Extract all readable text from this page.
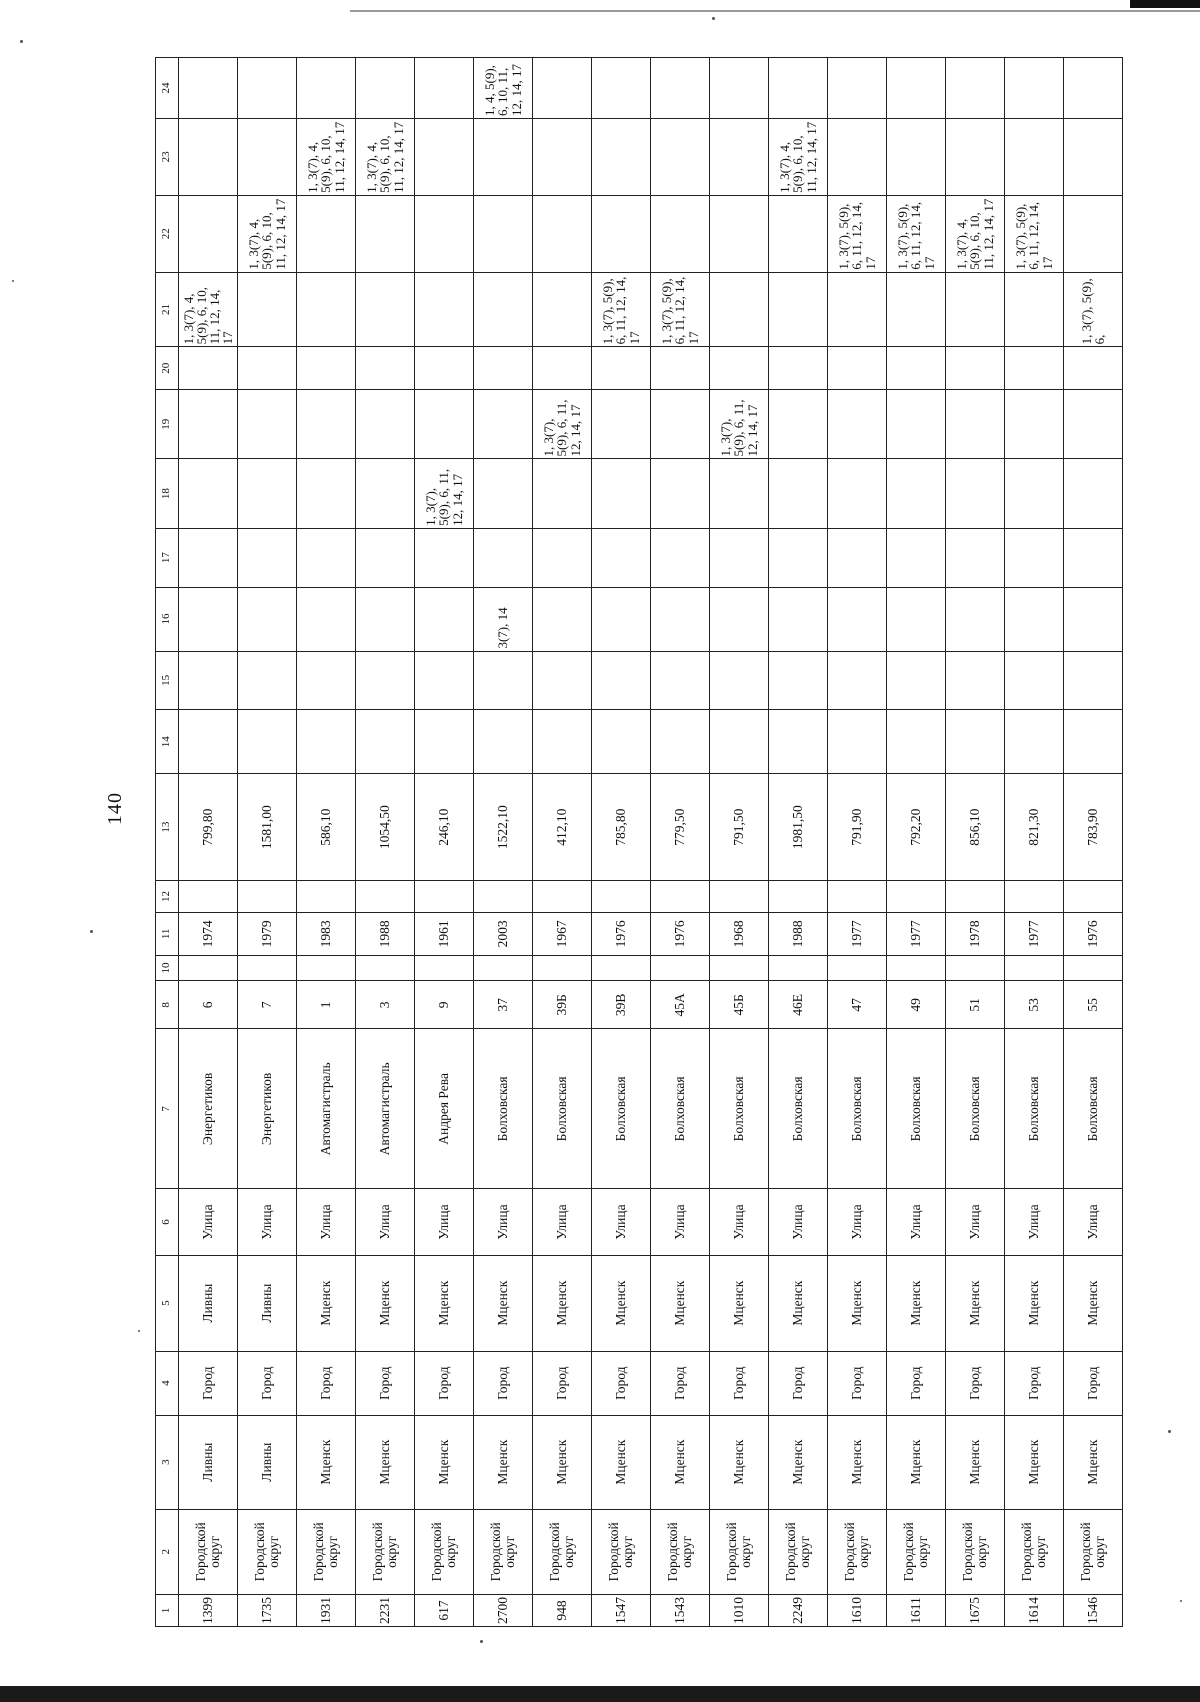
140
1	2	3	4	5	6	7	8	10	11	12	13	14	15	16	17	18	19	20	21	22	23	24
1399	Городской округ	Ливны	Город	Ливны	Улица	Энергетиков	6		1974		799,80								1, 3(7), 4, 5(9), 6, 10, 11, 12, 14, 17			
1735	Городской округ	Ливны	Город	Ливны	Улица	Энергетиков	7		1979		1581,00									1, 3(7), 4, 5(9), 6, 10, 11, 12, 14, 17		
1931	Городской округ	Мценск	Город	Мценск	Улица	Автомагистраль	1		1983		586,10										1, 3(7), 4, 5(9), 6, 10, 11, 12, 14, 17	
2231	Городской округ	Мценск	Город	Мценск	Улица	Автомагистраль	3		1988		1054,50										1, 3(7), 4, 5(9), 6, 10, 11, 12, 14, 17	
617	Городской округ	Мценск	Город	Мценск	Улица	Андрея Рева	9		1961		246,10					1, 3(7), 5(9), 6, 11, 12, 14, 17						
2700	Городской округ	Мценск	Город	Мценск	Улица	Болховская	37		2003		1522,10			3(7), 14								1, 4, 5(9), 6, 10, 11, 12, 14, 17
948	Городской округ	Мценск	Город	Мценск	Улица	Болховская	39Б		1967		412,10						1, 3(7), 5(9), 6, 11, 12, 14, 17					
1547	Городской округ	Мценск	Город	Мценск	Улица	Болховская	39В		1976		785,80								1, 3(7), 5(9), 6, 11, 12, 14, 17			
1543	Городской округ	Мценск	Город	Мценск	Улица	Болховская	45А		1976		779,50								1, 3(7), 5(9), 6, 11, 12, 14, 17			
1010	Городской округ	Мценск	Город	Мценск	Улица	Болховская	45Б		1968		791,50						1, 3(7), 5(9), 6, 11, 12, 14, 17					
2249	Городской округ	Мценск	Город	Мценск	Улица	Болховская	46Е		1988		1981,50										1, 3(7), 4, 5(9), 6, 10, 11, 12, 14, 17	
1610	Городской округ	Мценск	Город	Мценск	Улица	Болховская	47		1977		791,90									1, 3(7), 5(9), 6, 11, 12, 14, 17		
1611	Городской округ	Мценск	Город	Мценск	Улица	Болховская	49		1977		792,20									1, 3(7), 5(9), 6, 11, 12, 14, 17		
1675	Городской округ	Мценск	Город	Мценск	Улица	Болховская	51		1978		856,10									1, 3(7), 4, 5(9), 6, 10, 11, 12, 14, 17		
1614	Городской округ	Мценск	Город	Мценск	Улица	Болховская	53		1977		821,30									1, 3(7), 5(9), 6, 11, 12, 14, 17		
1546	Городской округ	Мценск	Город	Мценск	Улица	Болховская	55		1976		783,90								1, 3(7), 5(9), 6,			
